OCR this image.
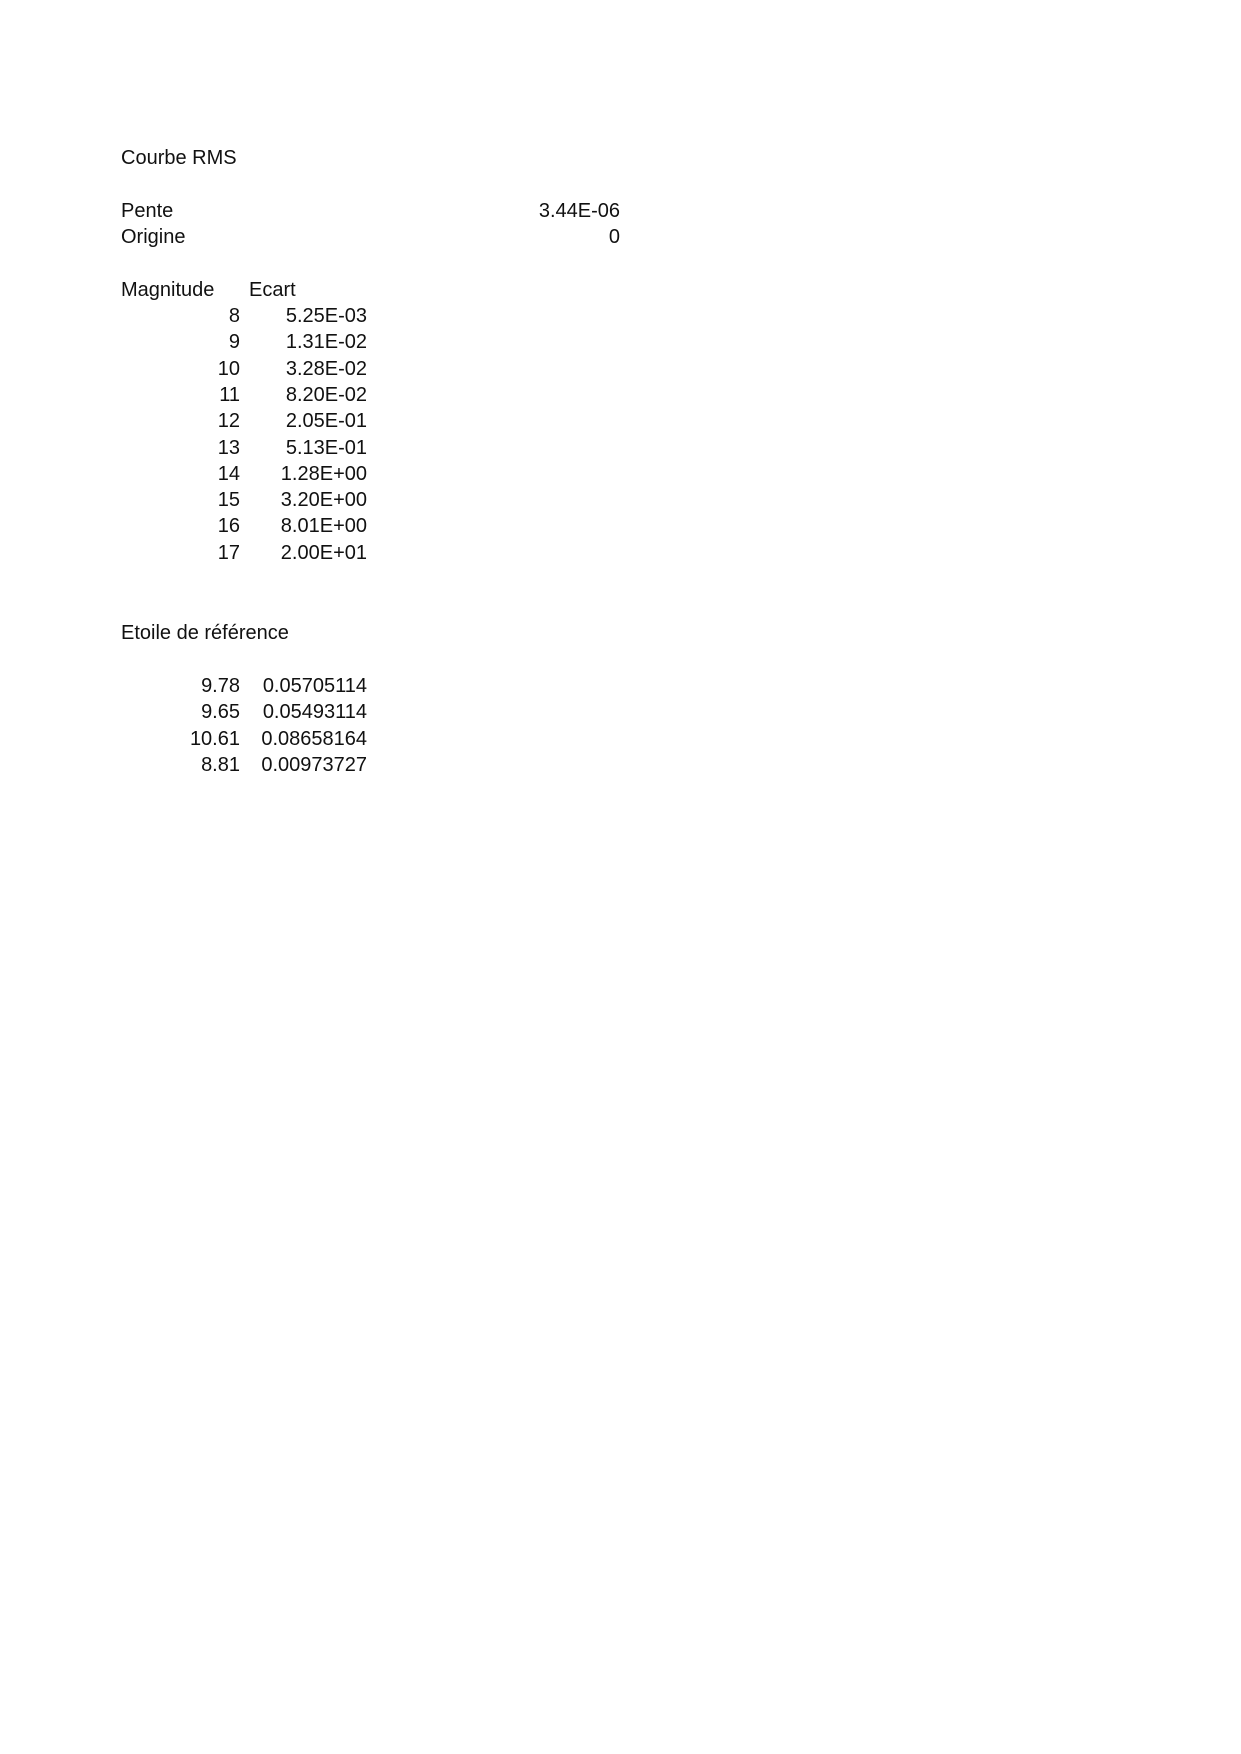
Courbe RMS
Pente	3.44E-06
Origine	0
Magnitude Ecart
8	5.25E-03
9	1.31E-02
10	3.28E-02
11	8.20E-02
12	2.05E-01
13	5.13E-01
14	1.28E+00
15	3.20E+00
16	8.01E+00
17	2.00E+01
Etoile de référence
9.78	0.05705114
9.65	0.05493114
10.61	0.08658164
8.81	0.00973727
